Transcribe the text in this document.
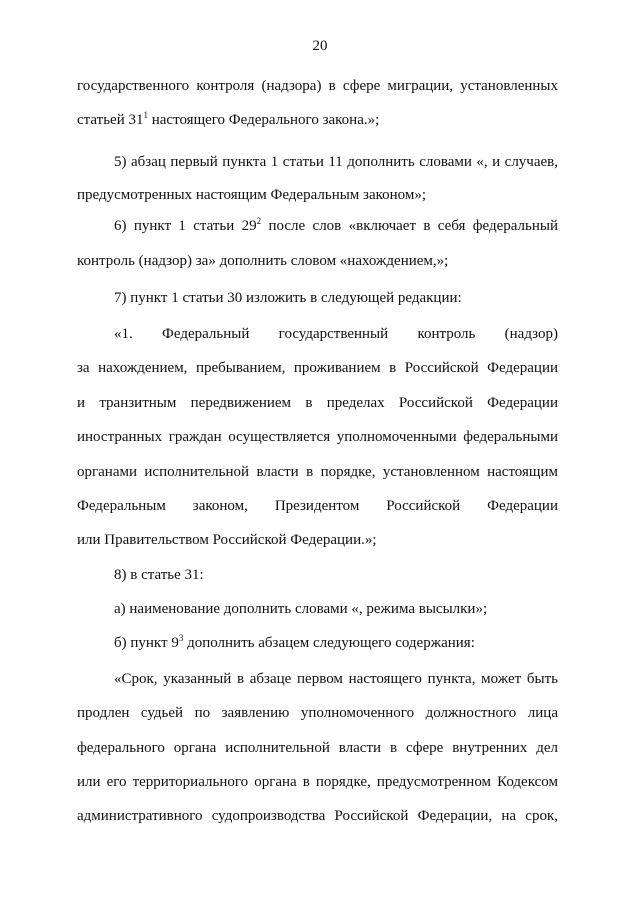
20
государственного контроля (надзора) в сфере миграции, установленных
статьей $31^1$ настоящего Федерального закона.»;
5) абзац первый пункта 1 статьи 11 дополнить словами «, и случаев,
предусмотренных настоящим Федеральным законом»;
6) пункт 1 статьи $29^2$ после слов «включает в себя федеральный
контроль (надзор) за» дополнить словом «нахождением,»;
7) пункт 1 статьи 30 изложить в следующей редакции:
«1. Федеральный государственный контроль (надзор)
за нахождением, пребыванием, проживанием в Российской Федерации
и транзитным передвижением в пределах Российской Федерации
иностранных граждан осуществляется уполномоченными федеральными
органами исполнительной власти в порядке, установленном настоящим
Федеральным законом, Президентом Российской Федерации
или Правительством Российской Федерации.»;
8) в статье 31:
а) наименование дополнить словами «, режима высылки»;
б) пункт $9^3$ дополнить абзацем следующего содержания:
«Срок, указанный в абзаце первом настоящего пункта, может быть
продлен судьей по заявлению уполномоченного должностного лица
федерального органа исполнительной власти в сфере внутренних дел
или его территориального органа в порядке, предусмотренном Кодексом
административного судопроизводства Российской Федерации, на срок,
